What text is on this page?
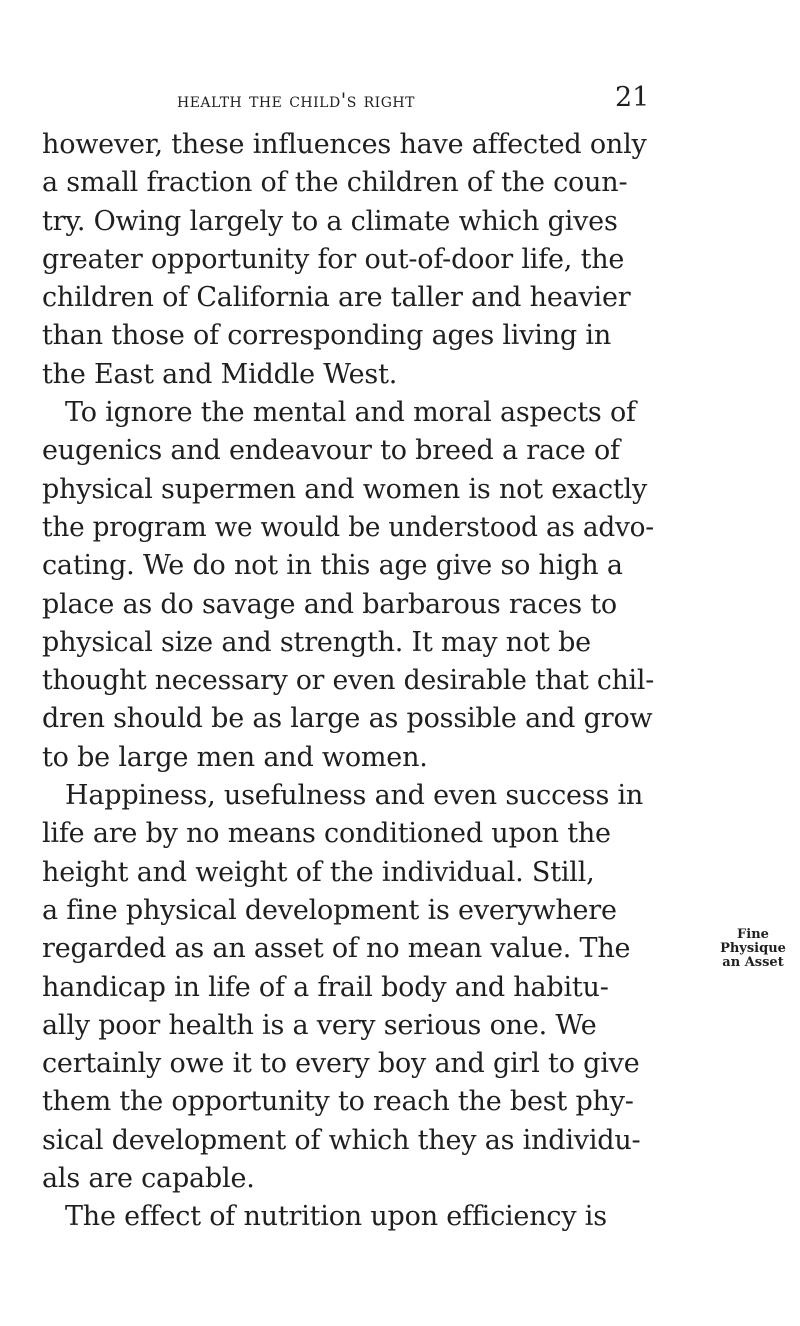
health the child's right	21
however, these influences have affected only
a small fraction of the children of the coun-
try. Owing largely to a climate which gives
greater opportunity for out-of-door life, the
children of California are taller and heavier
than those of corresponding ages living in
the East and Middle West.
To ignore the mental and moral aspects of
eugenics and endeavour to breed a race of
physical supermen and women is not exactly
the program we would be understood as advo-
cating. We do not in this age give so high a
place as do savage and barbarous races to
physical size and strength. It may not be
thought necessary or even desirable that chil-
dren should be as large as possible and grow
to be large men and women.
Happiness, usefulness and even success in
life are by no means conditioned upon the
height and weight of the individual. Still,
a fine physical development is everywhere
regarded as an asset of no mean value. The
handicap in life of a frail body and habitu-
ally poor health is a very serious one. We
certainly owe it to every boy and girl to give
them the opportunity to reach the best phy-
sical development of which they as individu-
als are capable.
The effect of nutrition upon efficiency is
Fine
Physique
an Asset
